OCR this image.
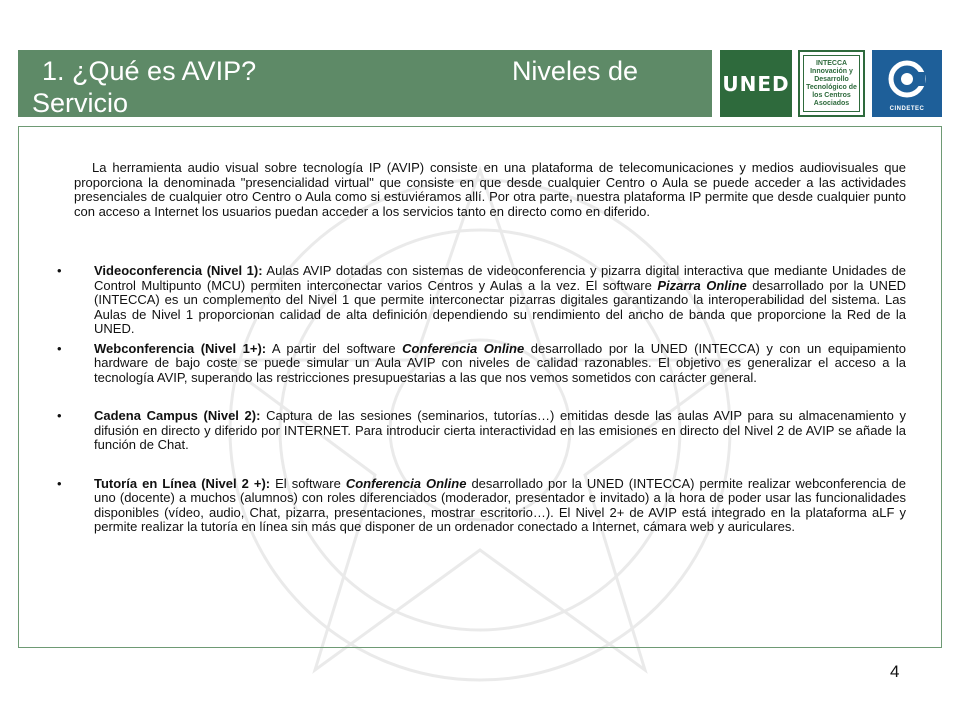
1. ¿Qué es AVIP?	Niveles de
Servicio
UNED
INTECCA Innovación y Desarrollo Tecnológico de los Centros Asociados
CINDETEC

La herramienta audio visual sobre tecnología IP (AVIP) consiste en una plataforma de telecomunicaciones y medios audiovisuales que proporciona la denominada "presencialidad virtual" que consiste en que desde cualquier Centro o Aula se puede acceder a las actividades presenciales de cualquier otro Centro o Aula como si estuviéramos allí. Por otra parte, nuestra plataforma IP permite que desde cualquier punto con acceso a Internet los usuarios puedan acceder a los servicios tanto en directo como en diferido.

• Videoconferencia (Nivel 1): Aulas AVIP dotadas con sistemas de videoconferencia y pizarra digital interactiva que mediante Unidades de Control Multipunto (MCU) permiten interconectar varios Centros y Aulas a la vez. El software Pizarra Online desarrollado por la UNED (INTECCA) es un complemento del Nivel 1 que permite interconectar pizarras digitales garantizando la interoperabilidad del sistema. Las Aulas de Nivel 1 proporcionan calidad de alta definición dependiendo su rendimiento del ancho de banda que proporcione la Red de la UNED.
• Webconferencia (Nivel 1+): A partir del software Conferencia Online desarrollado por la UNED (INTECCA) y con un equipamiento hardware de bajo coste se puede simular un Aula AVIP con niveles de calidad razonables. El objetivo es generalizar el acceso a la tecnología AVIP, superando las restricciones presupuestarias a las que nos vemos sometidos con carácter general.
• Cadena Campus (Nivel 2): Captura de las sesiones (seminarios, tutorías…) emitidas desde las aulas AVIP para su almacenamiento y difusión en directo y diferido por INTERNET. Para introducir cierta interactividad en las emisiones en directo del Nivel 2 de AVIP se añade la función de Chat.
• Tutoría en Línea (Nivel 2 +): El software Conferencia Online desarrollado por la UNED (INTECCA) permite realizar webconferencia de uno (docente) a muchos (alumnos) con roles diferenciados (moderador, presentador e invitado) a la hora de poder usar las funcionalidades disponibles (vídeo, audio, Chat, pizarra, presentaciones, mostrar escritorio…). El Nivel 2+ de AVIP está integrado en la plataforma aLF y permite realizar la tutoría en línea sin más que disponer de un ordenador conectado a Internet, cámara web y auriculares.
4
